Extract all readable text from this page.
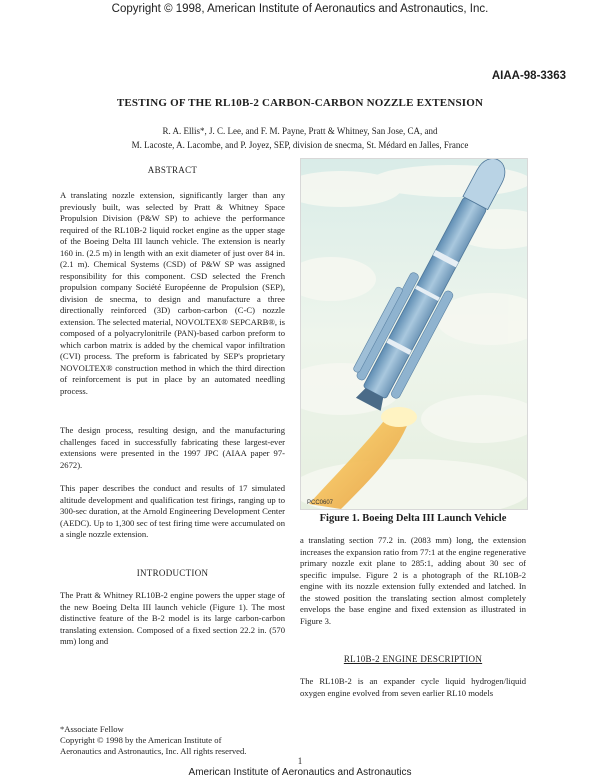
Copyright © 1998, American Institute of Aeronautics and Astronautics, Inc.
AIAA-98-3363
TESTING OF THE RL10B-2 CARBON-CARBON NOZZLE EXTENSION
R. A. Ellis*, J. C. Lee, and F. M. Payne, Pratt & Whitney, San Jose, CA, and
M. Lacoste, A. Lacombe, and P. Joyez, SEP, division de snecma, St. Médard en Jalles, France
ABSTRACT

A translating nozzle extension, significantly larger than any previously built, was selected by Pratt & Whitney Space Propulsion Division (P&W SP) to achieve the performance required of the RL10B-2 liquid rocket engine as the upper stage of the Boeing Delta III launch vehicle. The extension is nearly 160 in. (2.5 m) in length with an exit diameter of just over 84 in. (2.1 m). Chemical Systems (CSD) of P&W SP was assigned responsibility for this component. CSD selected the French propulsion company Société Européenne de Propulsion (SEP), division de snecma, to design and manufacture a three directionally reinforced (3D) carbon-carbon (C-C) nozzle extension. The selected material, NOVOLTEX® SEPCARB®, is composed of a polyacrylonitrile (PAN)-based carbon preform to which carbon matrix is added by the chemical vapor infiltration (CVI) process. The preform is fabricated by SEP's proprietary NOVOLTEX® construction method in which the third direction of reinforcement is put in place by an automated needling process.

The design process, resulting design, and the manufacturing challenges faced in successfully fabricating these largest-ever extensions were presented in the 1997 JPC (AIAA paper 97-2672).

This paper describes the conduct and results of 17 simulated altitude development and qualification test firings, ranging up to 300-sec duration, at the Arnold Engineering Development Center (AEDC). Up to 1,300 sec of test firing time were accumulated on a single nozzle extension.

INTRODUCTION

The Pratt & Whitney RL10B-2 engine powers the upper stage of the new Boeing Delta III launch vehicle (Figure 1). The most distinctive feature of the B-2 model is its large carbon-carbon translating extension. Composed of a fixed section 22.2 in. (570 mm) long and

*Associate Fellow
Copyright © 1998 by the American Institute of
Aeronautics and Astronautics, Inc. All rights reserved.
PCC0607
Figure 1. Boeing Delta III Launch Vehicle

a translating section 77.2 in. (2083 mm) long, the extension increases the expansion ratio from 77:1 at the engine regenerative primary nozzle exit plane to 285:1, adding about 30 sec of specific impulse. Figure 2 is a photograph of the RL10B-2 engine with its nozzle extension fully extended and latched. In the stowed position the translating section almost completely envelops the base engine and fixed extension as illustrated in Figure 3.

RL10B-2 ENGINE DESCRIPTION

The RL10B-2 is an expander cycle liquid hydrogen/liquid oxygen engine evolved from seven earlier RL10 models

1
American Institute of Aeronautics and Astronautics
